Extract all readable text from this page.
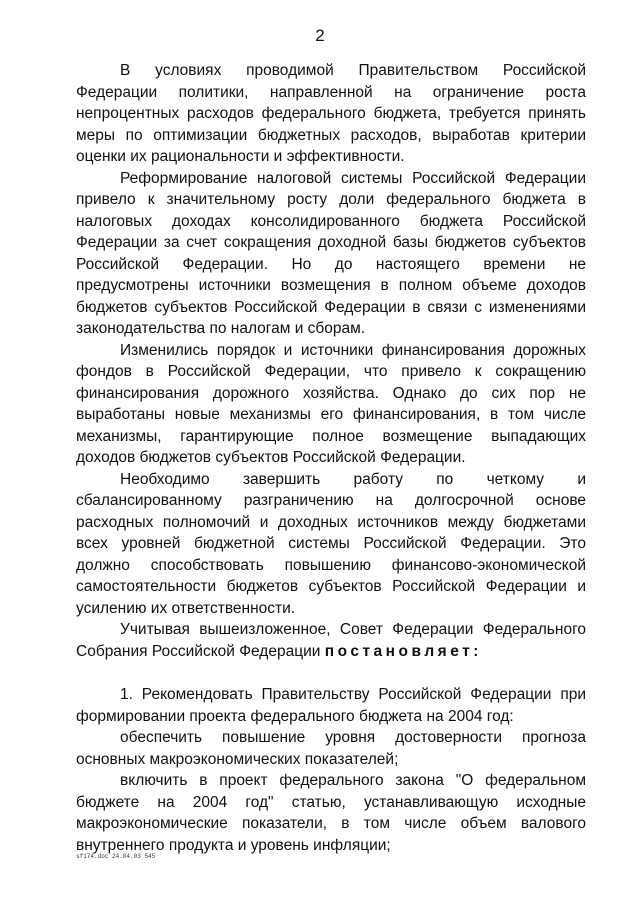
2

В условиях проводимой Правительством Российской Федерации политики, направленной на ограничение роста непроцентных расходов федерального бюджета, требуется принять меры по оптимизации бюджетных расходов, выработав критерии оценки их рациональности и эффективности.

Реформирование налоговой системы Российской Федерации привело к значительному росту доли федерального бюджета в налоговых доходах консолидированного бюджета Российской Федерации за счет сокращения доходной базы бюджетов субъектов Российской Федерации. Но до настоящего времени не предусмотрены источники возмещения в полном объеме доходов бюджетов субъектов Российской Федерации в связи с изменениями законодательства по налогам и сборам.

Изменились порядок и источники финансирования дорожных фондов в Российской Федерации, что привело к сокращению финансирования дорожного хозяйства. Однако до сих пор не выработаны новые механизмы его финансирования, в том числе механизмы, гарантирующие полное возмещение выпадающих доходов бюджетов субъектов Российской Федерации.

Необходимо завершить работу по четкому и сбалансированному разграничению на долгосрочной основе расходных полномочий и доходных источников между бюджетами всех уровней бюджетной системы Российской Федерации. Это должно способствовать повышению финансово-экономической самостоятельности бюджетов субъектов Российской Федерации и усилению их ответственности.

Учитывая вышеизложенное, Совет Федерации Федерального Собрания Российской Федерации постановляет:

1. Рекомендовать Правительству Российской Федерации при формировании проекта федерального бюджета на 2004 год:

обеспечить повышение уровня достоверности прогноза основных макроэкономических показателей;

включить в проект федерального закона "О федеральном бюджете на 2004 год" статью, устанавливающую исходные макроэкономические показатели, в том числе объем валового внутреннего продукта и уровень инфляции;

sf174.doc 24.04.03 545
